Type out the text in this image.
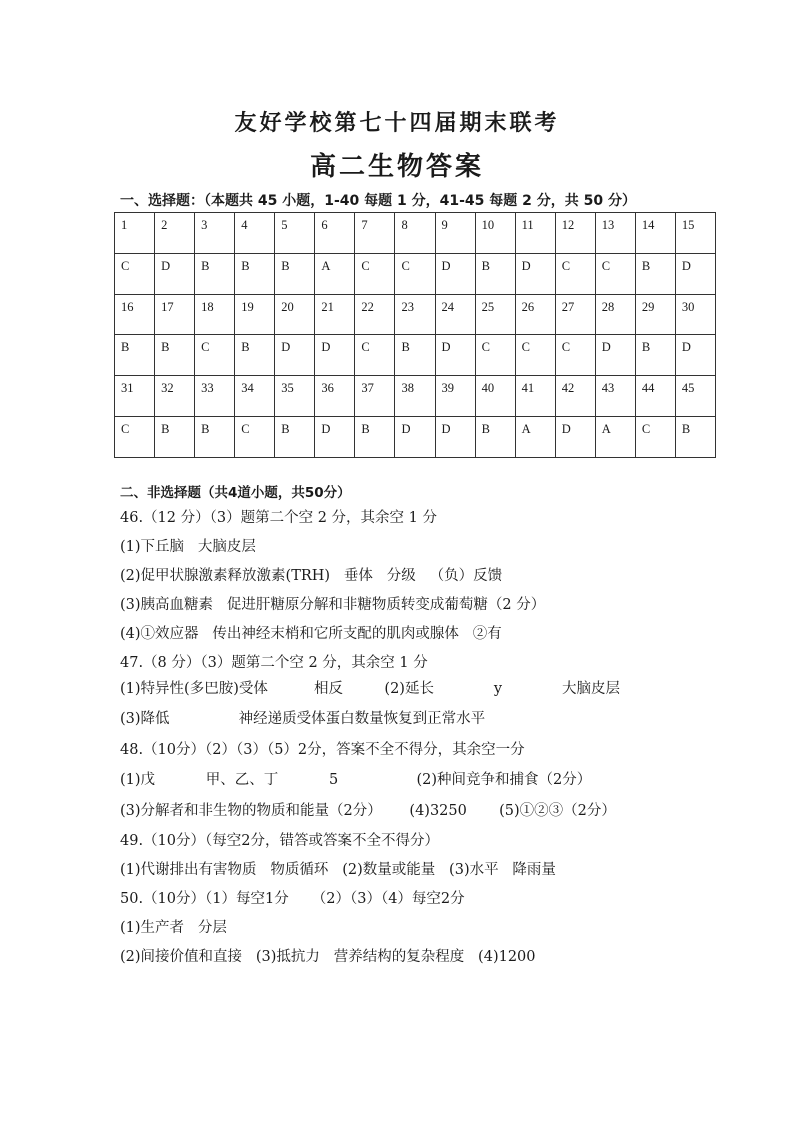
友好学校第七十四届期末联考
高二生物答案
一、选择题：（本题共 45 小题，1-40 每题 1 分，41-45 每题 2 分，共 50 分）
1	2	3	4	5	6	7	8	9	10	11	12	13	14	15
C	D	B	B	B	A	C	C	D	B	D	C	C	B	D
16	17	18	19	20	21	22	23	24	25	26	27	28	29	30
B	B	C	B	D	D	C	B	D	C	C	C	D	B	D
31	32	33	34	35	36	37	38	39	40	41	42	43	44	45
C	B	B	C	B	D	B	D	D	B	A	D	A	C	B
二、非选择题（共4道小题，共50分）
46.（12 分）（3）题第二个空 2 分，其余空 1 分
(1)下丘脑   大脑皮层
(2)促甲状腺激素释放激素(TRH)   垂体   分级   （负）反馈
(3)胰高血糖素   促进肝糖原分解和非糖物质转变成葡萄糖（2 分）
(4)①效应器   传出神经末梢和它所支配的肌肉或腺体   ②有
47.（8 分）（3）题第二个空 2 分，其余空 1 分
(1)特异性(多巴胺)受体          相反         (2)延长             y             大脑皮层
(3)降低               神经递质受体蛋白数量恢复到正常水平
48.（10分）（2）（3）（5）2分，答案不全不得分，其余空一分
(1)戊           甲、乙、丁           5                 (2)种间竞争和捕食（2分）
(3)分解者和非生物的物质和能量（2分）      (4)3250       (5)①②③（2分）
49.（10分）（每空2分，错答或答案不全不得分）
(1)代谢排出有害物质   物质循环   (2)数量或能量   (3)水平   降雨量
50.（10分）（1）每空1分     （2）（3）（4）每空2分
(1)生产者   分层
(2)间接价值和直接   (3)抵抗力   营养结构的复杂程度   (4)1200
